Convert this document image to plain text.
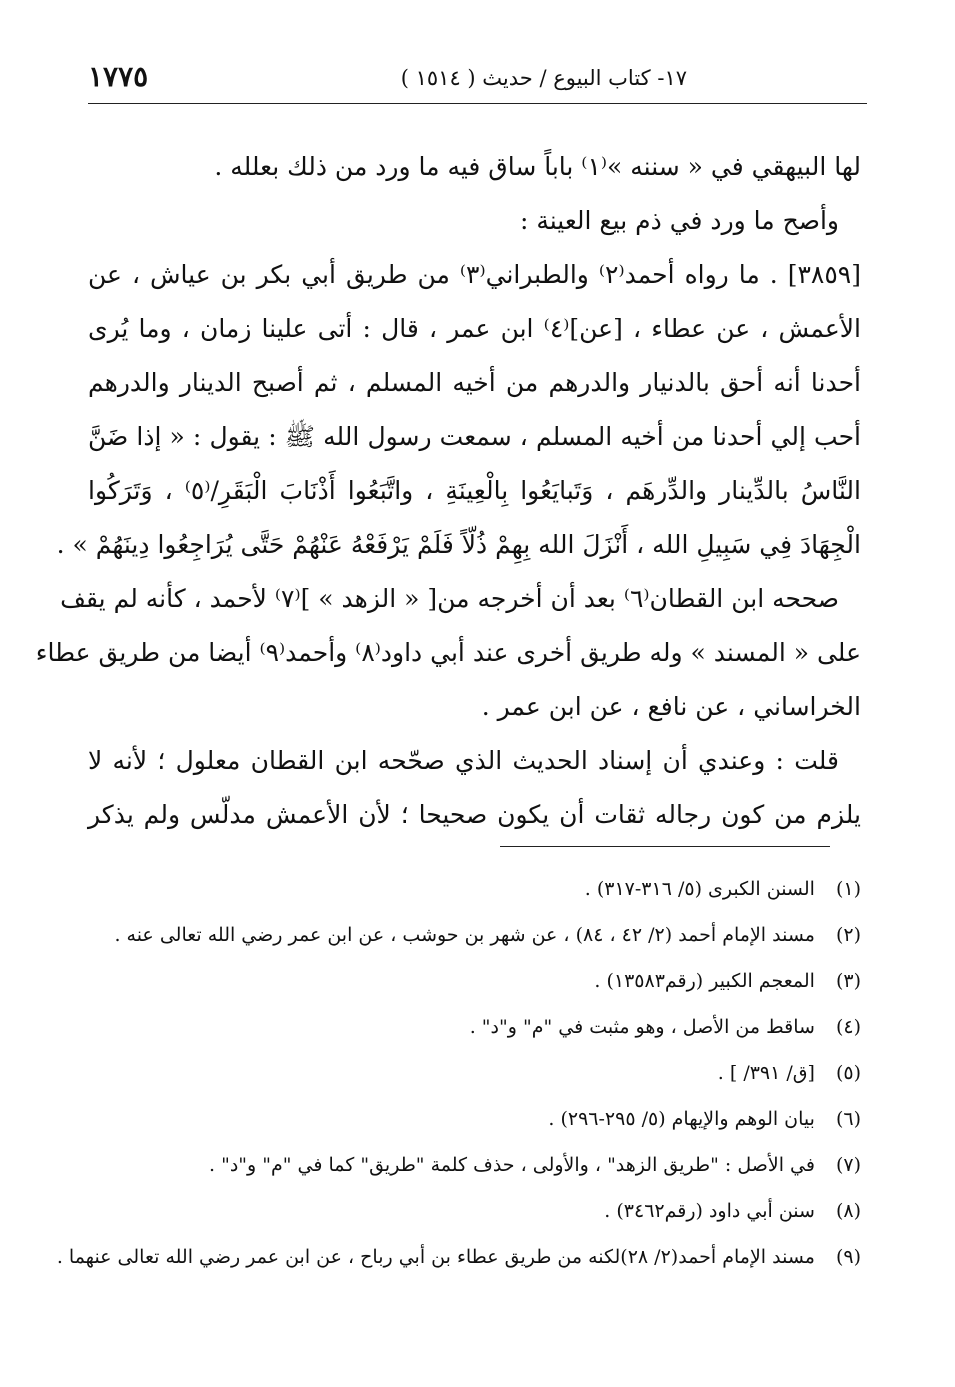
١٧- كتاب البيوع / حديث ( ١٥١٤ )
١٧٧٥
لها البيهقي في « سننه »⁽١⁾ باباً ساق فيه ما ورد من ذلك بعلله .
وأصح ما ورد في ذم بيع العينة :
[٣٨٥٩] . ما رواه أحمد⁽٢⁾ والطبراني⁽٣⁾ من طريق أبي بكر بن عياش ، عن
الأعمش ، عن عطاء ، [عن]⁽٤⁾ ابن عمر ، قال : أتى علينا زمان ، وما يُرى
أحدنا أنه أحق بالدنيار والدرهم من أخيه المسلم ، ثم أصبح الدينار والدرهم
أحب إلي أحدنا من أخيه المسلم ، سمعت رسول الله ﷺ : يقول : « إذا ضَنَّ
النَّاسُ بالدِّينار والدِّرهَم ، وَتَبايَعُوا بِالْعِينَةِ ، واتَّبَعُوا أَذْنَابَ الْبَقَرِ/⁽٥⁾ ، وَتَرَكُوا
الْجِهَادَ فِي سَبِيلِ الله ، أَنْزَلَ الله بِهِمْ ذُلّاً فَلَمْ يَرْفَعْهُ عَنْهُمْ حَتَّى يُرَاجِعُوا دِينَهُمْ » .
صححه ابن القطان⁽٦⁾ بعد أن أخرجه من[ « الزهد » ]⁽٧⁾ لأحمد ، كأنه لم يقف
على « المسند » وله طريق أخرى عند أبي داود⁽٨⁾ وأحمد⁽٩⁾ أيضا من طريق عطاء
الخراساني ، عن نافع ، عن ابن عمر .
قلت : وعندي أن إسناد الحديث الذي صحّحه ابن القطان معلول ؛ لأنه لا
يلزم من كون رجاله ثقات أن يكون صحيحا ؛ لأن الأعمش مدلّس ولم يذكر
(١) السنن الكبرى (٥/ ٣١٦-٣١٧) .
(٢) مسند الإمام أحمد (٢/ ٤٢ ، ٨٤) ، عن شهر بن حوشب ، عن ابن عمر رضي الله تعالى عنه .
(٣) المعجم الكبير (رقم١٣٥٨٣) .
(٤) ساقط من الأصل ، وهو مثبت في "م" و"د" .
(٥) [ق/ ٣٩١/ ] .
(٦) بيان الوهم والإيهام (٥/ ٢٩٥-٢٩٦) .
(٧) في الأصل : "طريق الزهد" ، والأولى ، حذف كلمة "طريق" كما في "م" و"د" .
(٨) سنن أبي داود (رقم٣٤٦٢) .
(٩) مسند الإمام أحمد(٢/ ٢٨)لكنه من طريق عطاء بن أبي رباح ، عن ابن عمر رضي الله تعالى عنهما .
